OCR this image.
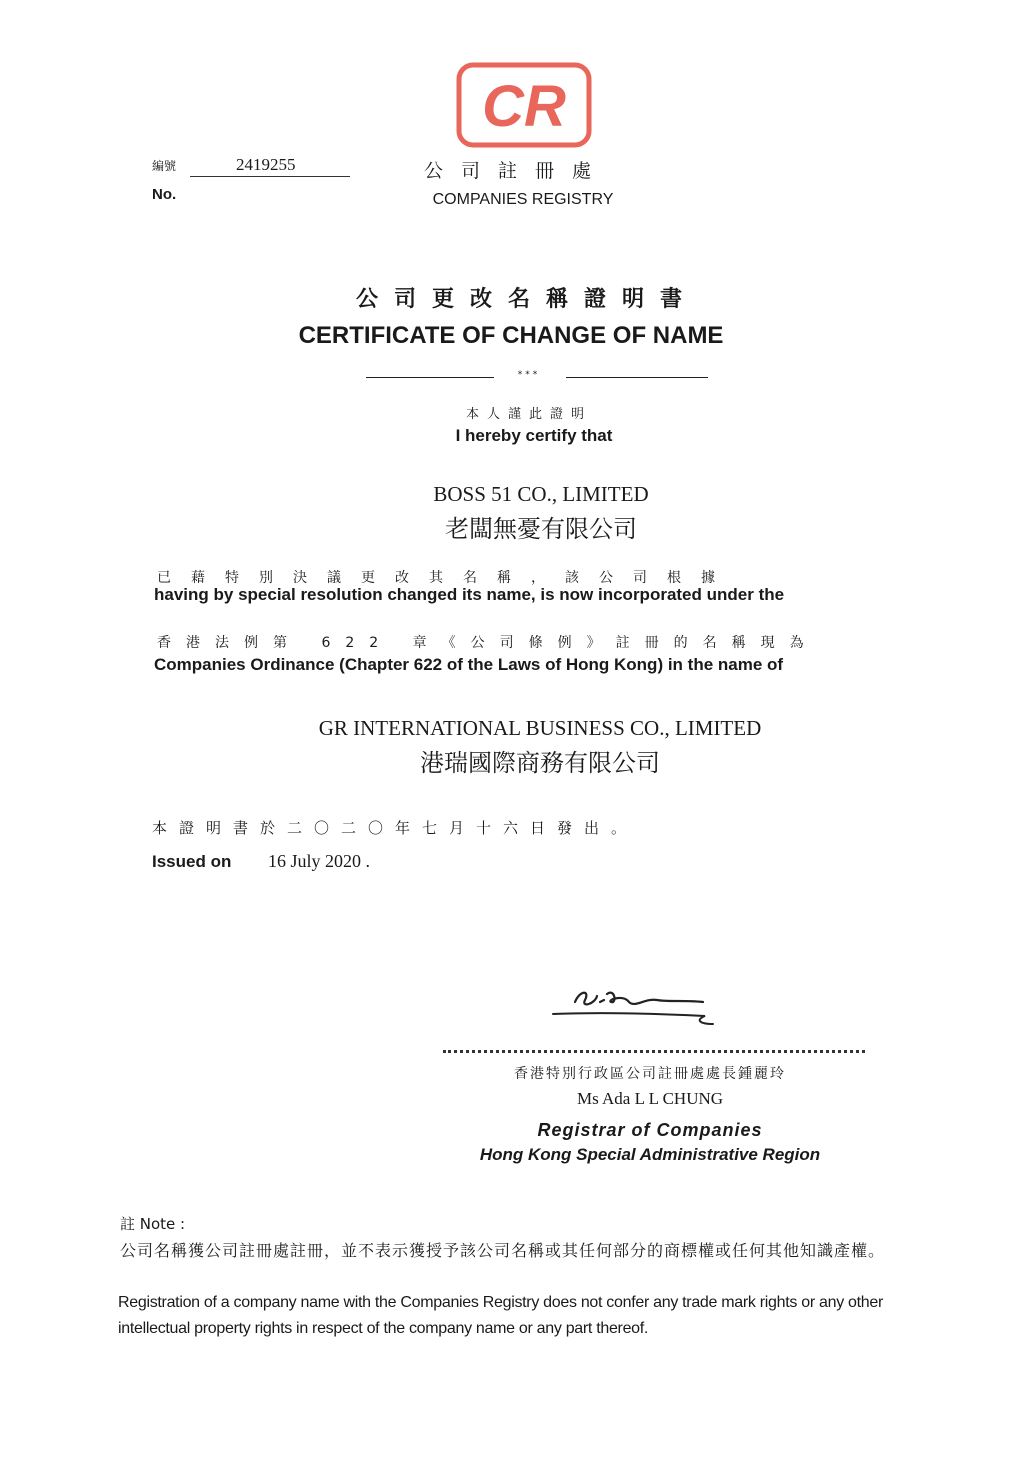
CR
編號	2419255
No.
公司註冊處
COMPANIES REGISTRY
公司更改名稱證明書
CERTIFICATE OF CHANGE OF NAME
***
本人謹此證明
I hereby certify that
BOSS 51 CO., LIMITED
老闆無憂有限公司
已藉特別決議更改其名稱，該公司根據
having by special resolution changed its name, is now incorporated under the
香港法例第 622 章《公司條例》註冊的名稱現為
Companies Ordinance (Chapter 622 of the Laws of Hong Kong) in the name of
GR INTERNATIONAL BUSINESS CO., LIMITED
港瑞國際商務有限公司
本證明書於二〇二〇年七月十六日發出。
Issued on 16 July 2020 .
香港特別行政區公司註冊處處長鍾麗玲
Ms Ada L L CHUNG
Registrar of Companies
Hong Kong Special Administrative Region
註 Note :
公司名稱獲公司註冊處註冊，並不表示獲授予該公司名稱或其任何部分的商標權或任何其他知識產權。
Registration of a company name with the Companies Registry does not confer any trade mark rights or any other intellectual property rights in respect of the company name or any part thereof.
